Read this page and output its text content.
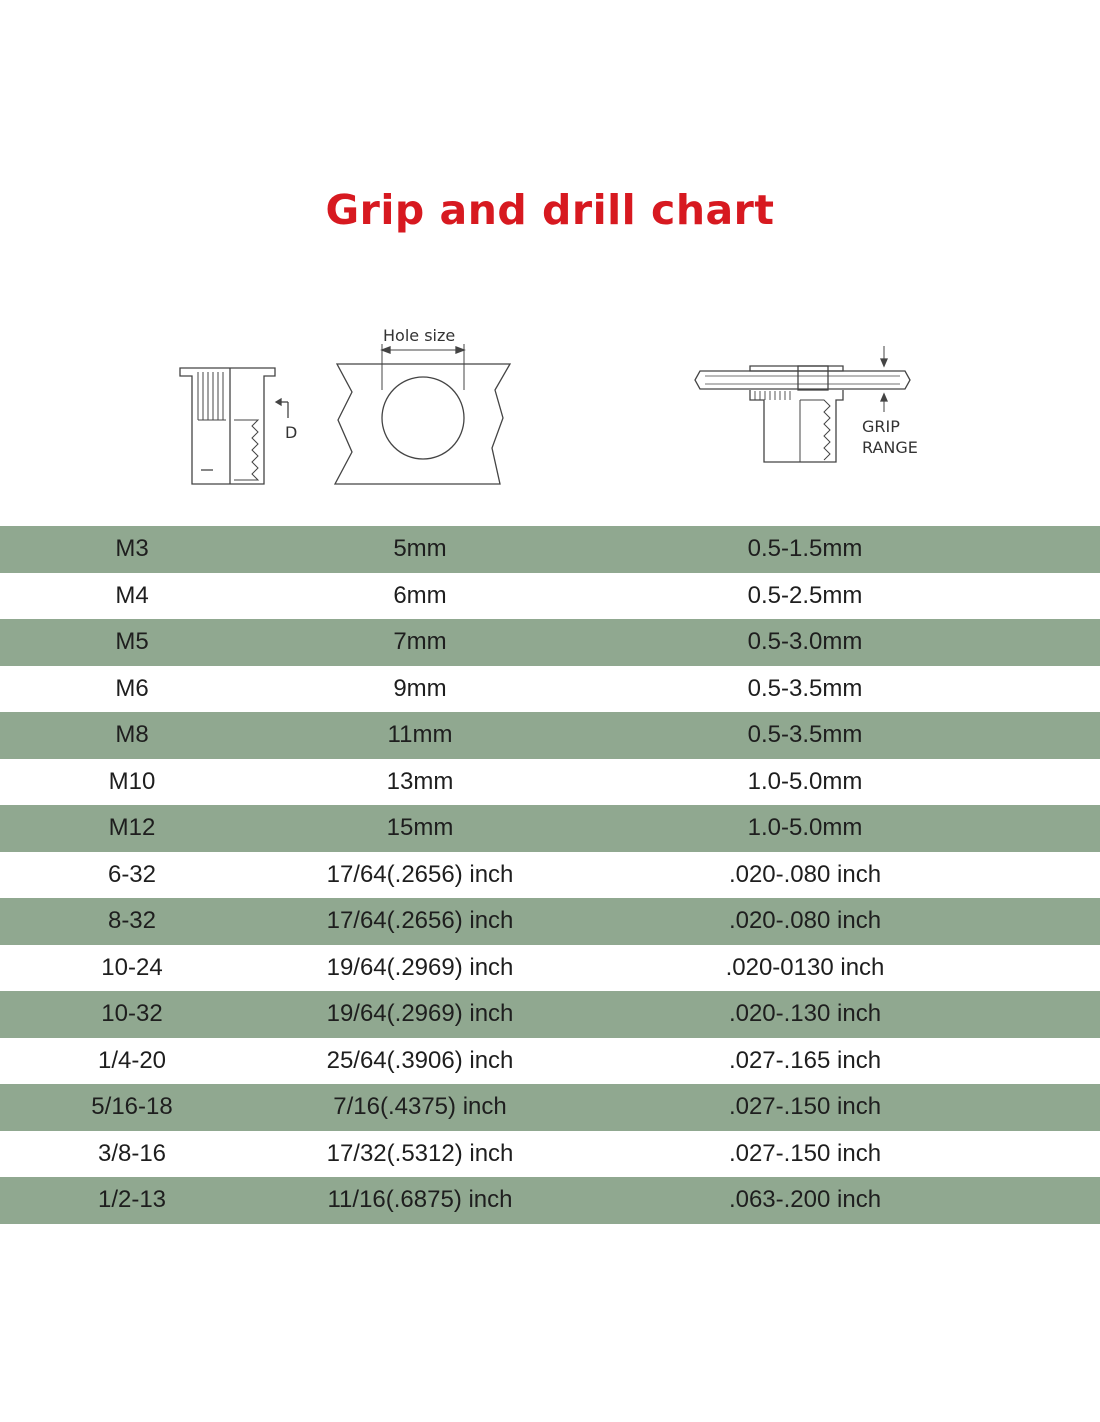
Grip and drill chart
Hole size
D	GRIP
RANGE
M3	5mm	0.5-1.5mm
M4	6mm	0.5-2.5mm
M5	7mm	0.5-3.0mm
M6	9mm	0.5-3.5mm
M8	11mm	0.5-3.5mm
M10	13mm	1.0-5.0mm
M12	15mm	1.0-5.0mm
6-32	17/64(.2656) inch	.020-.080 inch
8-32	17/64(.2656) inch	.020-.080 inch
10-24	19/64(.2969) inch	.020-0130 inch
10-32	19/64(.2969) inch	.020-.130 inch
1/4-20	25/64(.3906) inch	.027-.165 inch
5/16-18	7/16(.4375) inch	.027-.150 inch
3/8-16	17/32(.5312) inch	.027-.150 inch
1/2-13	11/16(.6875) inch	.063-.200 inch
